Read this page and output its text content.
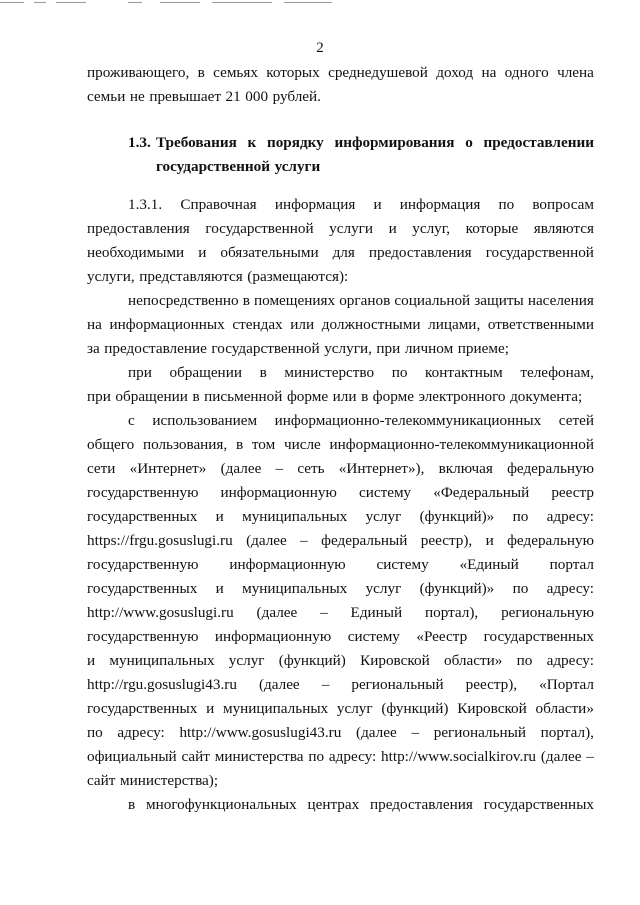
2
проживающего, в семьях которых среднедушевой доход на одного члена
семьи не превышает 21 000 рублей.
1.3. Требования к порядку информирования о предоставлении
государственной услуги
1.3.1. Справочная информация и информация по вопросам
предоставления государственной услуги и услуг, которые являются
необходимыми и обязательными для предоставления государственной
услуги, представляются (размещаются):
непосредственно в помещениях органов социальной защиты населения
на информационных стендах или должностными лицами, ответственными
за предоставление государственной услуги, при личном приеме;
при обращении в министерство по контактным телефонам,
при обращении в письменной форме или в форме электронного документа;
с использованием информационно-телекоммуникационных сетей
общего пользования, в том числе информационно-телекоммуникационной
сети «Интернет» (далее – сеть «Интернет»), включая федеральную
государственную информационную систему «Федеральный реестр
государственных и муниципальных услуг (функций)» по адресу:
https://frgu.gosuslugi.ru (далее – федеральный реестр), и федеральную
государственную информационную систему «Единый портал
государственных и муниципальных услуг (функций)» по адресу:
http://www.gosuslugi.ru (далее – Единый портал), региональную
государственную информационную систему «Реестр государственных
и муниципальных услуг (функций) Кировской области» по адресу:
http://rgu.gosuslugi43.ru (далее – региональный реестр), «Портал
государственных и муниципальных услуг (функций) Кировской области»
по адресу: http://www.gosuslugi43.ru (далее – региональный портал),
официальный сайт министерства по адресу: http://www.socialkirov.ru (далее –
сайт министерства);
в многофункциональных центрах предоставления государственных
